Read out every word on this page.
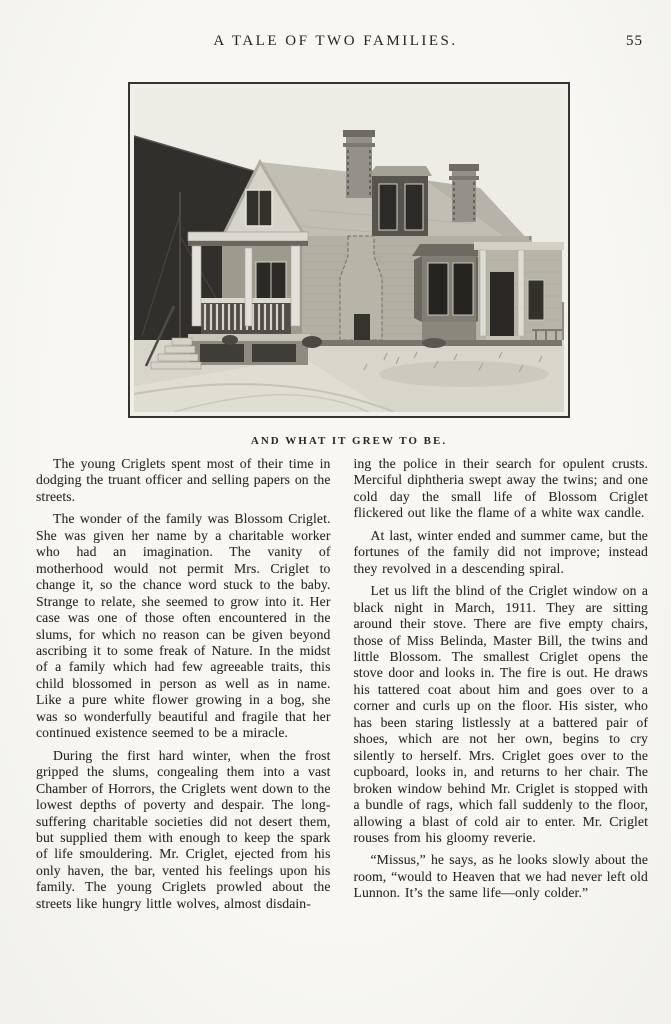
A TALE OF TWO FAMILIES.	55
AND WHAT IT GREW TO BE.

The young Criglets spent most of their time in dodging the truant officer and selling papers on the streets.

The wonder of the family was Blossom Criglet. She was given her name by a charitable worker who had an imagination. The vanity of motherhood would not permit Mrs. Criglet to change it, so the chance word stuck to the baby. Strange to relate, she seemed to grow into it. Her case was one of those often encountered in the slums, for which no reason can be given beyond ascribing it to some freak of Nature. In the midst of a family which had few agreeable traits, this child blossomed in person as well as in name. Like a pure white flower growing in a bog, she was so wonderfully beautiful and fragile that her continued existence seemed to be a miracle.

During the first hard winter, when the frost gripped the slums, congealing them into a vast Chamber of Horrors, the Criglets went down to the lowest depths of poverty and despair. The long-suffering charitable societies did not desert them, but supplied them with enough to keep the spark of life smouldering. Mr. Criglet, ejected from his only haven, the bar, vented his feelings upon his family. The young Criglets prowled about the streets like hungry little wolves, almost disdain-

ing the police in their search for opulent crusts. Merciful diphtheria swept away the twins; and one cold day the small life of Blossom Criglet flickered out like the flame of a white wax candle.

At last, winter ended and summer came, but the fortunes of the family did not improve; instead they revolved in a descending spiral.

Let us lift the blind of the Criglet window on a black night in March, 1911. They are sitting around their stove. There are five empty chairs, those of Miss Belinda, Master Bill, the twins and little Blossom. The smallest Criglet opens the stove door and looks in. The fire is out. He draws his tattered coat about him and goes over to a corner and curls up on the floor. His sister, who has been staring listlessly at a battered pair of shoes, which are not her own, begins to cry silently to herself. Mrs. Criglet goes over to the cupboard, looks in, and returns to her chair. The broken window behind Mr. Criglet is stopped with a bundle of rags, which fall suddenly to the floor, allowing a blast of cold air to enter. Mr. Criglet rouses from his gloomy reverie.

“Missus,” he says, as he looks slowly about the room, “would to Heaven that we had never left old Lunnon. It’s the same life—only colder.”
